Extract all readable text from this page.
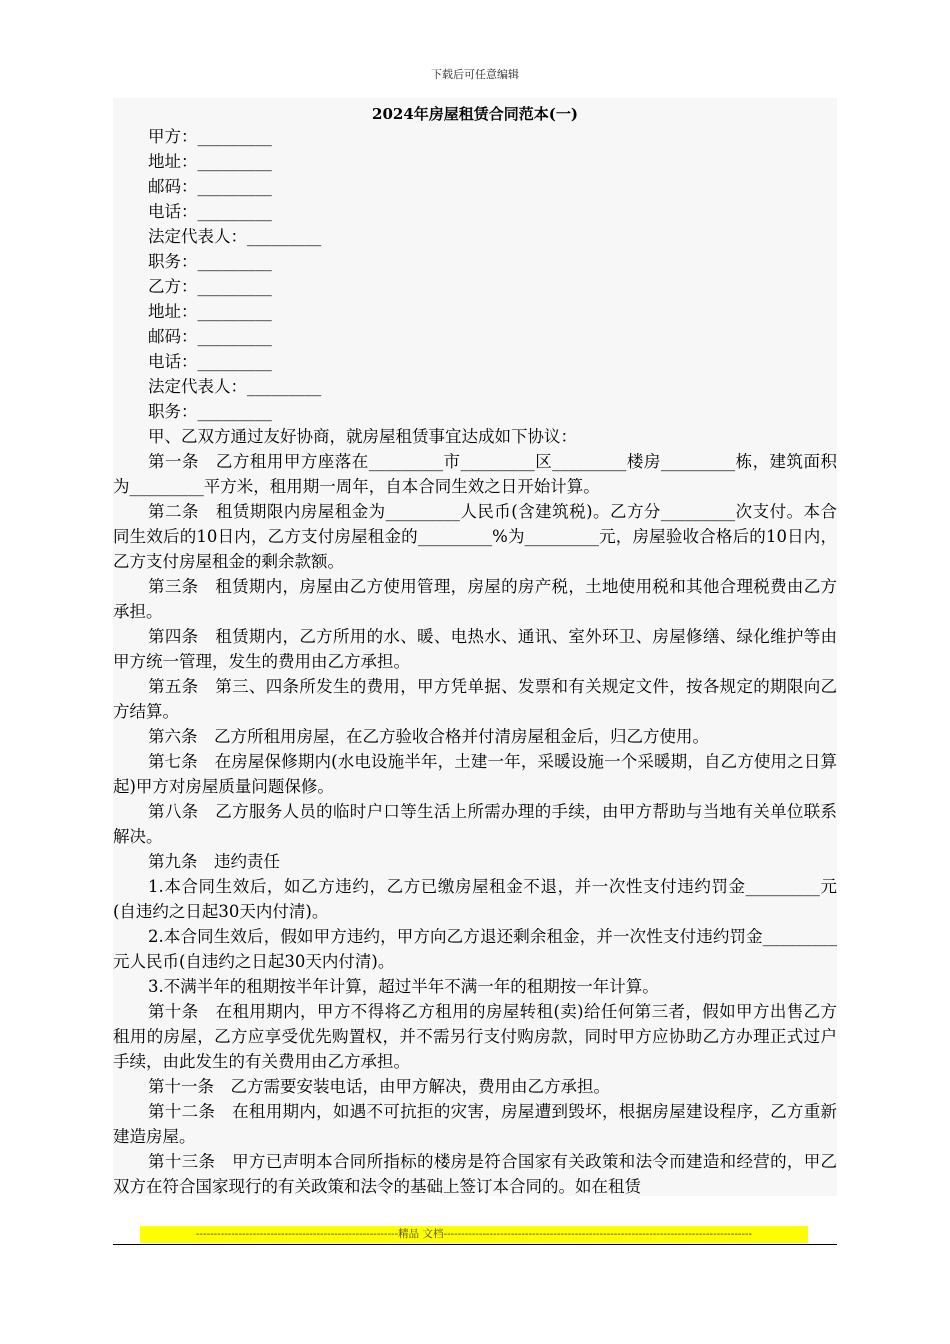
下载后可任意编辑
2024年房屋租赁合同范本(一)
甲方：_________
地址：_________
邮码：_________
电话：_________
法定代表人：_________
职务：_________
乙方：_________
地址：_________
邮码：_________
电话：_________
法定代表人：_________
职务：_________

甲、乙双方通过友好协商，就房屋租赁事宜达成如下协议：

第一条　乙方租用甲方座落在_________市_________区_________楼房_________栋，建筑面积为_________平方米，租用期一周年，自本合同生效之日开始计算。

第二条　租赁期限内房屋租金为_________人民币(含建筑税)。乙方分_________次支付。本合同生效后的10日内，乙方支付房屋租金的_________%为_________元，房屋验收合格后的10日内，乙方支付房屋租金的剩余款额。

第三条　租赁期内，房屋由乙方使用管理，房屋的房产税，土地使用税和其他合理税费由乙方承担。

第四条　租赁期内，乙方所用的水、暖、电热水、通讯、室外环卫、房屋修缮、绿化维护等由甲方统一管理，发生的费用由乙方承担。

第五条　第三、四条所发生的费用，甲方凭单据、发票和有关规定文件，按各规定的期限向乙方结算。

第六条　乙方所租用房屋，在乙方验收合格并付清房屋租金后，归乙方使用。

第七条　在房屋保修期内(水电设施半年，土建一年，采暖设施一个采暖期，自乙方使用之日算起)甲方对房屋质量问题保修。

第八条　乙方服务人员的临时户口等生活上所需办理的手续，由甲方帮助与当地有关单位联系解决。

第九条　违约责任

1.本合同生效后，如乙方违约，乙方已缴房屋租金不退，并一次性支付违约罚金_________元(自违约之日起30天内付清)。

2.本合同生效后，假如甲方违约，甲方向乙方退还剩余租金，并一次性支付违约罚金_________元人民币(自违约之日起30天内付清)。

3.不满半年的租期按半年计算，超过半年不满一年的租期按一年计算。

第十条　在租用期内，甲方不得将乙方租用的房屋转租(卖)给任何第三者，假如甲方出售乙方租用的房屋，乙方应享受优先购置权，并不需另行支付购房款，同时甲方应协助乙方办理正式过户手续，由此发生的有关费用由乙方承担。

第十一条　乙方需要安装电话，由甲方解决，费用由乙方承担。

第十二条　在租用期内，如遇不可抗拒的灾害，房屋遭到毁坏，根据房屋建设程序，乙方重新建造房屋。

第十三条　甲方已声明本合同所指标的楼房是符合国家有关政策和法令而建造和经营的，甲乙双方在符合国家现行的有关政策和法令的基础上签订本合同的。如在租赁

---------------------------------------------------------精品 文档---------------------------------------------------------------------------------------
